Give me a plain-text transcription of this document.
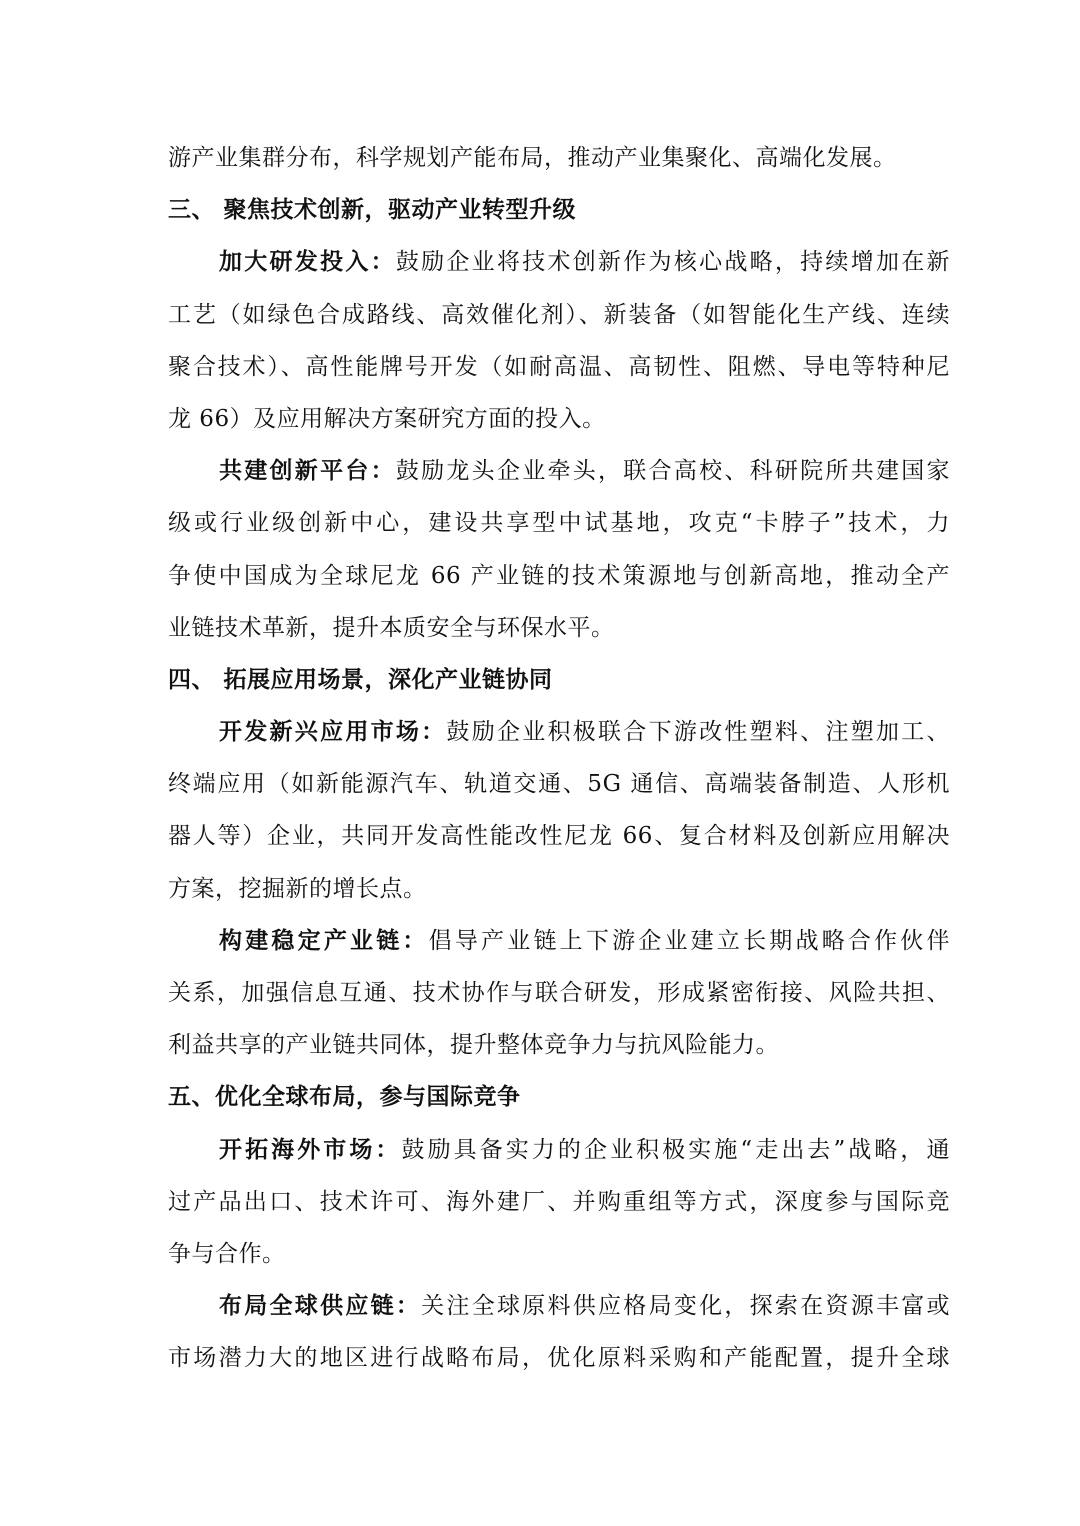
游产业集群分布，科学规划产能布局，推动产业集聚化、高端化发展。
三、 聚焦技术创新，驱动产业转型升级
加大研发投入：鼓励企业将技术创新作为核心战略，持续增加在新
工艺（如绿色合成路线、高效催化剂）、新装备（如智能化生产线、连续
聚合技术）、高性能牌号开发（如耐高温、高韧性、阻燃、导电等特种尼
龙 66）及应用解决方案研究方面的投入。
共建创新平台：鼓励龙头企业牵头，联合高校、科研院所共建国家
级或行业级创新中心，建设共享型中试基地，攻克“卡脖子”技术，力
争使中国成为全球尼龙 66 产业链的技术策源地与创新高地，推动全产
业链技术革新，提升本质安全与环保水平。
四、 拓展应用场景，深化产业链协同
开发新兴应用市场：鼓励企业积极联合下游改性塑料、注塑加工、
终端应用（如新能源汽车、轨道交通、5G 通信、高端装备制造、人形机
器人等）企业，共同开发高性能改性尼龙 66、复合材料及创新应用解决
方案，挖掘新的增长点。
构建稳定产业链：倡导产业链上下游企业建立长期战略合作伙伴
关系，加强信息互通、技术协作与联合研发，形成紧密衔接、风险共担、
利益共享的产业链共同体，提升整体竞争力与抗风险能力。
五、优化全球布局，参与国际竞争
开拓海外市场：鼓励具备实力的企业积极实施“走出去”战略，通
过产品出口、技术许可、海外建厂、并购重组等方式，深度参与国际竞
争与合作。
布局全球供应链：关注全球原料供应格局变化，探索在资源丰富或
市场潜力大的地区进行战略布局，优化原料采购和产能配置，提升全球
